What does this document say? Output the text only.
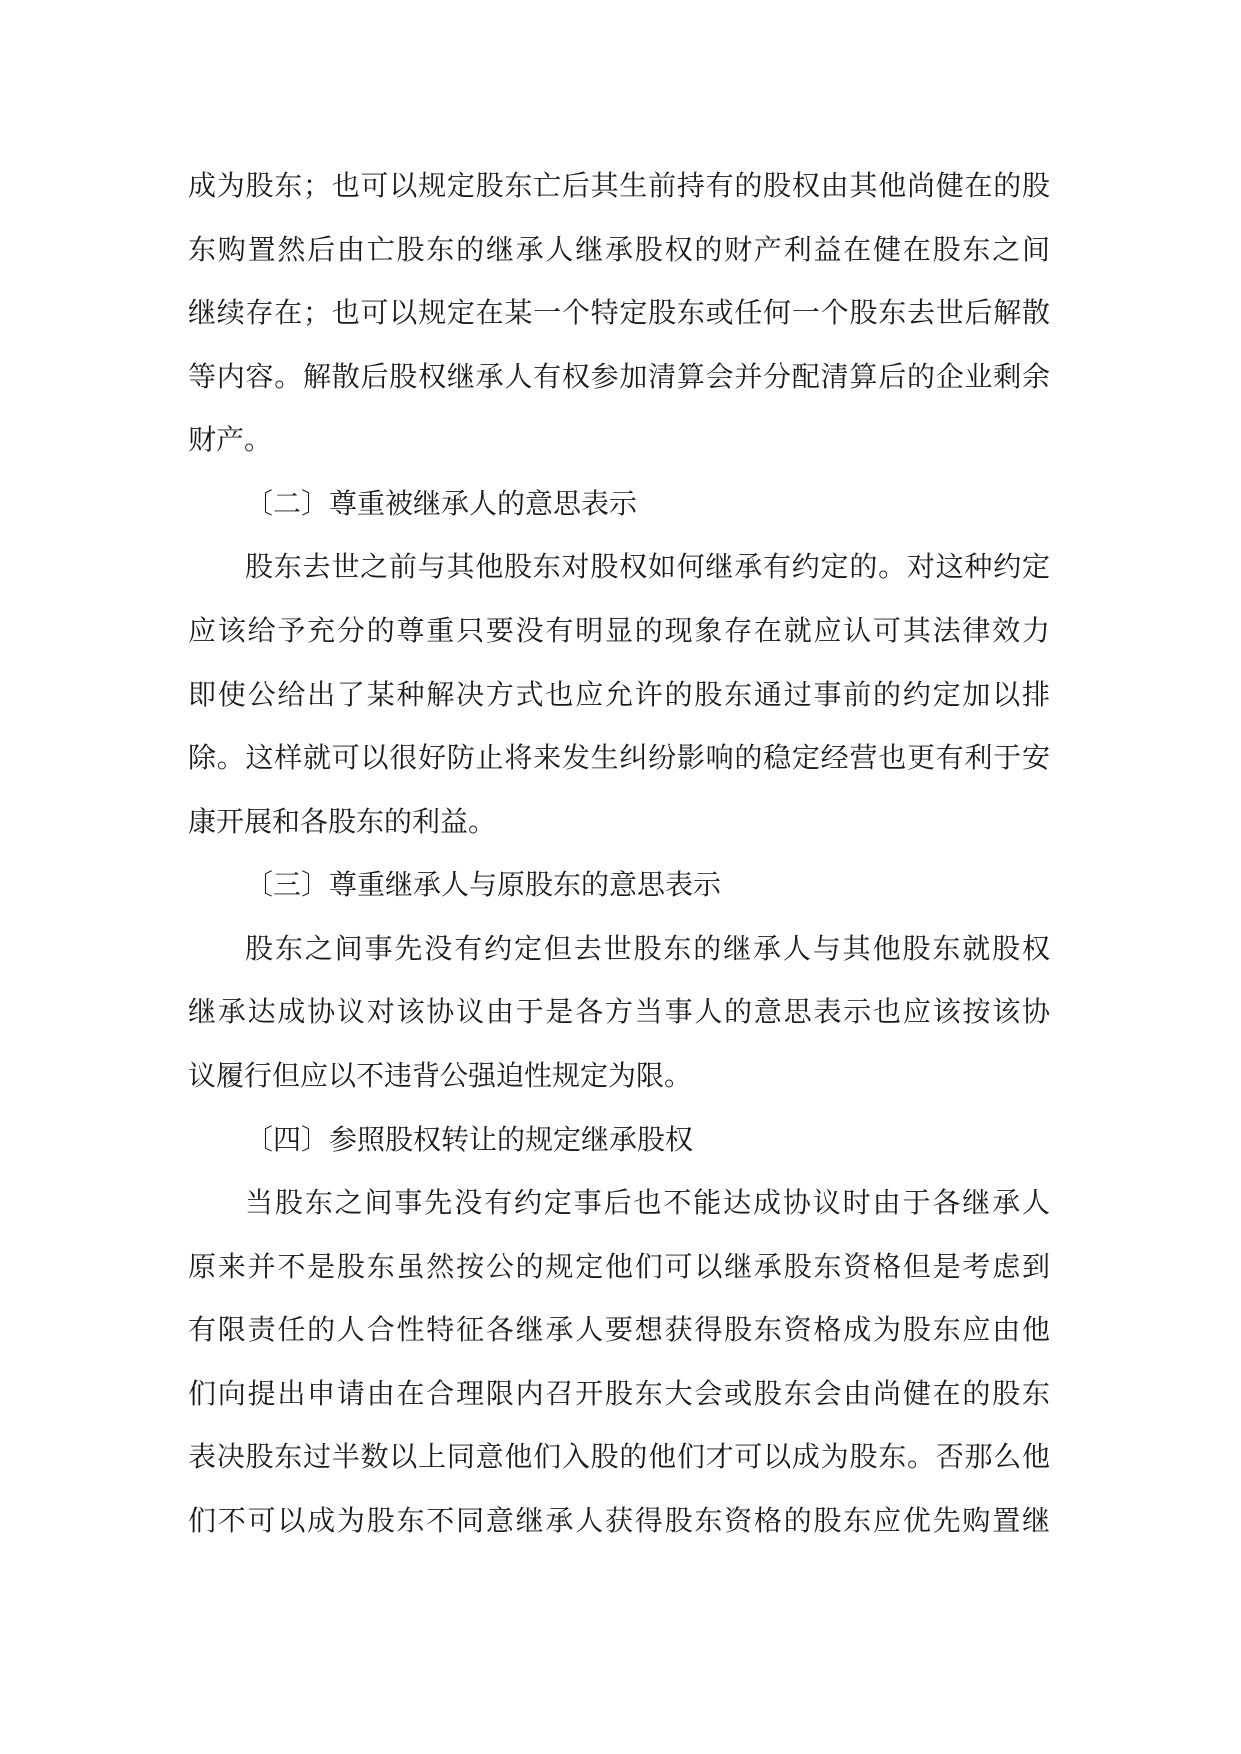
成为股东；也可以规定股东亡后其生前持有的股权由其他尚健在的股
东购置然后由亡股东的继承人继承股权的财产利益在健在股东之间
继续存在；也可以规定在某一个特定股东或任何一个股东去世后解散
等内容。解散后股权继承人有权参加清算会并分配清算后的企业剩余
财产。
〔二〕尊重被继承人的意思表示
股东去世之前与其他股东对股权如何继承有约定的。对这种约定
应该给予充分的尊重只要没有明显的现象存在就应认可其法律效力
即使公给出了某种解决方式也应允许的股东通过事前的约定加以排
除。这样就可以很好防止将来发生纠纷影响的稳定经营也更有利于安
康开展和各股东的利益。
〔三〕尊重继承人与原股东的意思表示
股东之间事先没有约定但去世股东的继承人与其他股东就股权
继承达成协议对该协议由于是各方当事人的意思表示也应该按该协
议履行但应以不违背公强迫性规定为限。
〔四〕参照股权转让的规定继承股权
当股东之间事先没有约定事后也不能达成协议时由于各继承人
原来并不是股东虽然按公的规定他们可以继承股东资格但是考虑到
有限责任的人合性特征各继承人要想获得股东资格成为股东应由他
们向提出申请由在合理限内召开股东大会或股东会由尚健在的股东
表决股东过半数以上同意他们入股的他们才可以成为股东。否那么他
们不可以成为股东不同意继承人获得股东资格的股东应优先购置继
